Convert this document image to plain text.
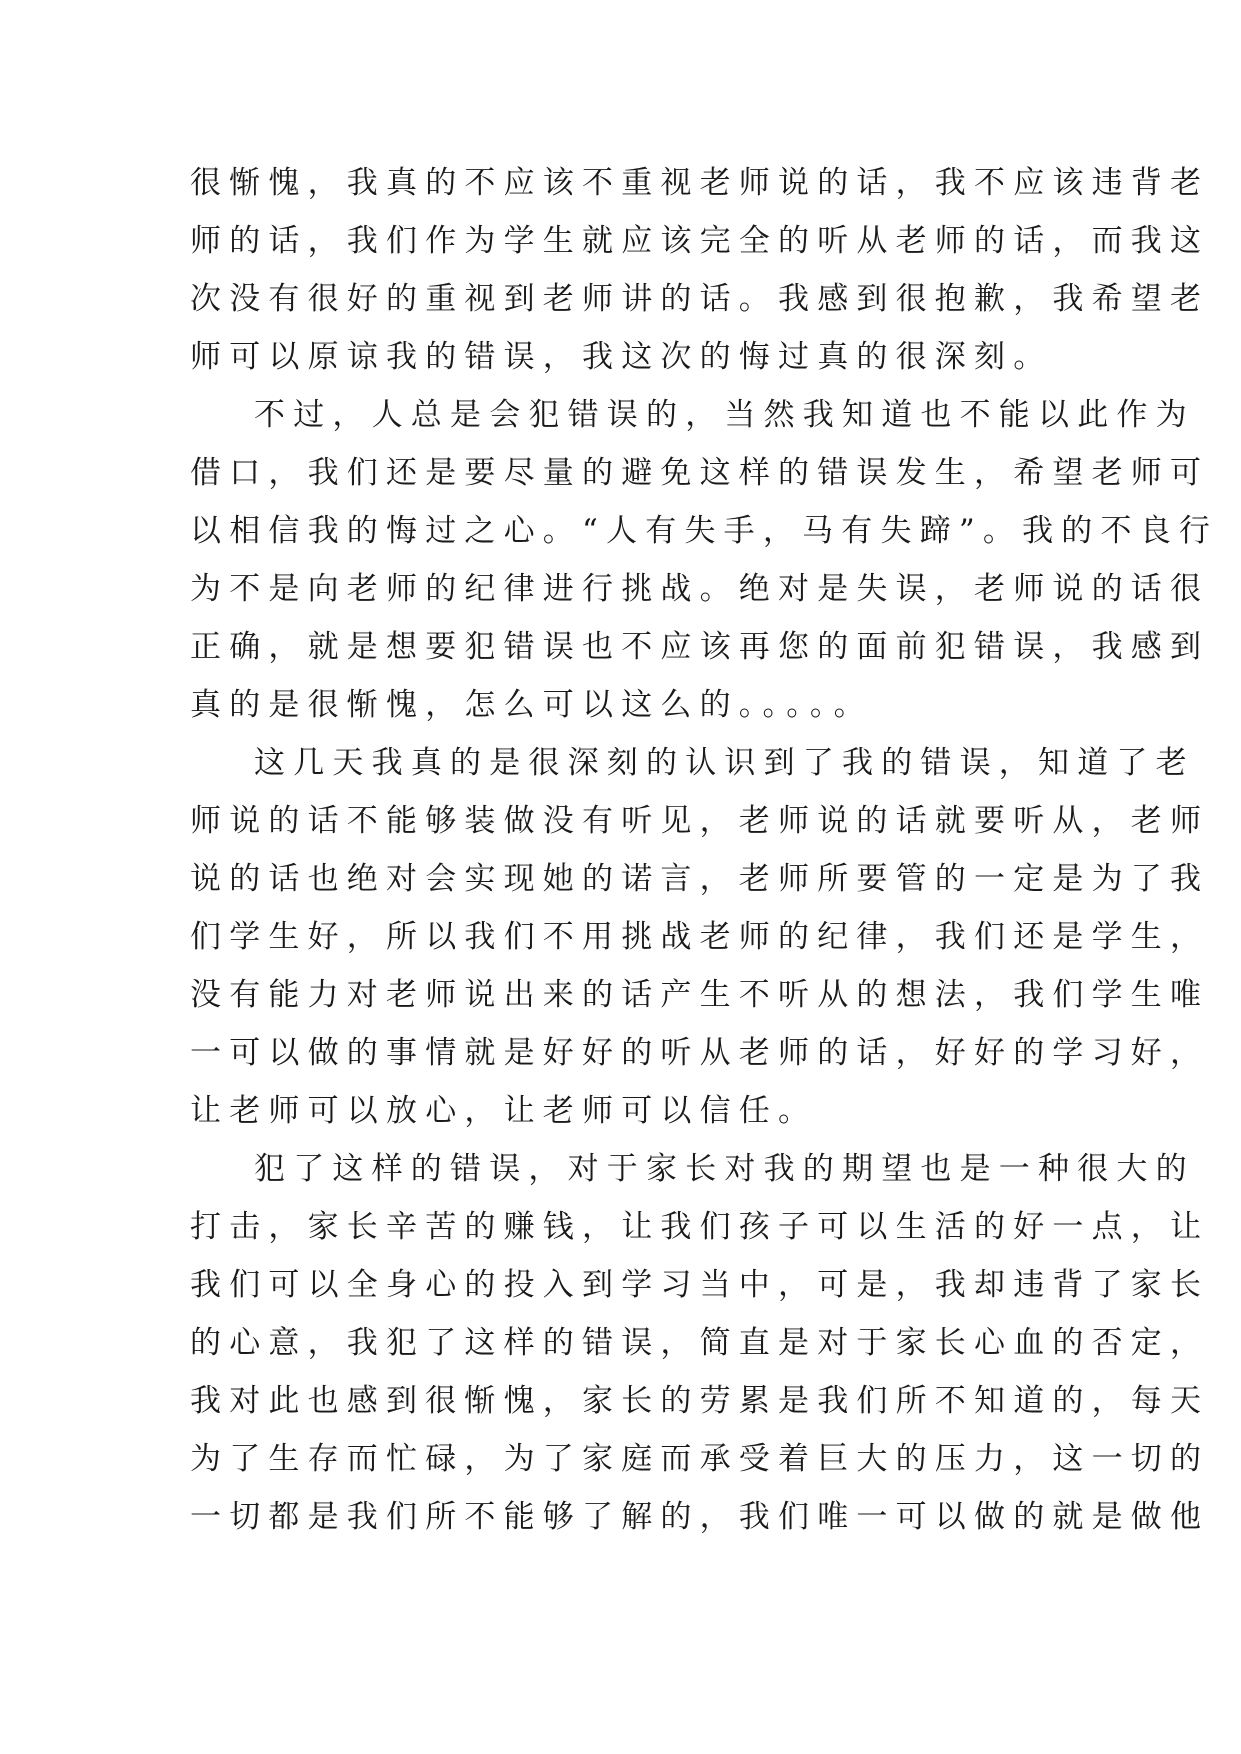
很惭愧，我真的不应该不重视老师说的话，我不应该违背老
师的话，我们作为学生就应该完全的听从老师的话，而我这
次没有很好的重视到老师讲的话。我感到很抱歉，我希望老
师可以原谅我的错误，我这次的悔过真的很深刻。
不过，人总是会犯错误的，当然我知道也不能以此作为
借口，我们还是要尽量的避免这样的错误发生，希望老师可
以相信我的悔过之心。“人有失手，马有失蹄”。我的不良行
为不是向老师的纪律进行挑战。绝对是失误，老师说的话很
正确，就是想要犯错误也不应该再您的面前犯错误，我感到
真的是很惭愧，怎么可以这么的。。。。。
这几天我真的是很深刻的认识到了我的错误，知道了老
师说的话不能够装做没有听见，老师说的话就要听从，老师
说的话也绝对会实现她的诺言，老师所要管的一定是为了我
们学生好，所以我们不用挑战老师的纪律，我们还是学生，
没有能力对老师说出来的话产生不听从的想法，我们学生唯
一可以做的事情就是好好的听从老师的话，好好的学习好，
让老师可以放心，让老师可以信任。
犯了这样的错误，对于家长对我的期望也是一种很大的
打击，家长辛苦的赚钱，让我们孩子可以生活的好一点，让
我们可以全身心的投入到学习当中，可是，我却违背了家长
的心意，我犯了这样的错误，简直是对于家长心血的否定，
我对此也感到很惭愧，家长的劳累是我们所不知道的，每天
为了生存而忙碌，为了家庭而承受着巨大的压力，这一切的
一切都是我们所不能够了解的，我们唯一可以做的就是做他
